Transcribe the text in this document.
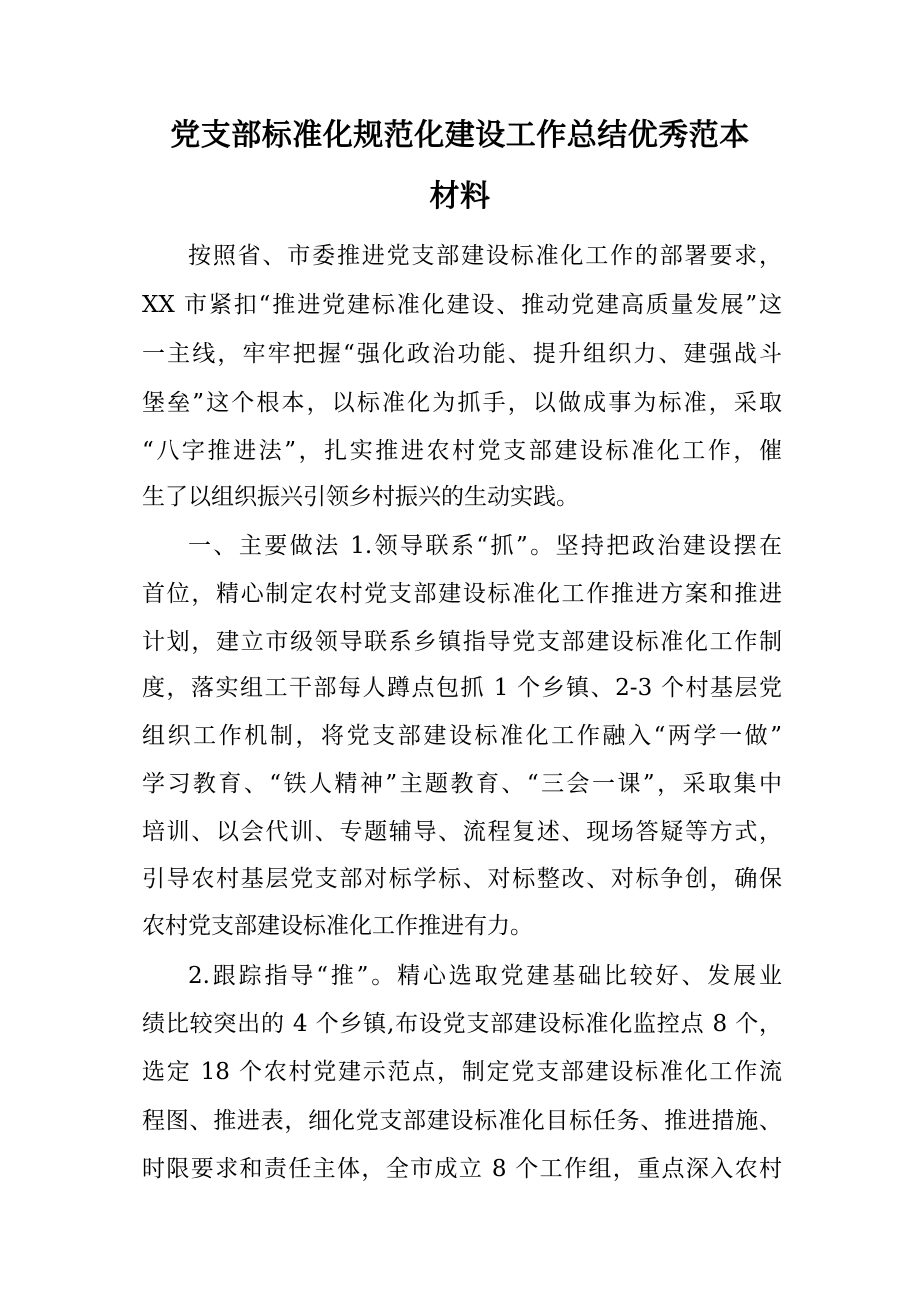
党支部标准化规范化建设工作总结优秀范本
材料
按照省、市委推进党支部建设标准化工作的部署要求，
XX 市紧扣“推进党建标准化建设、推动党建高质量发展”这
一主线，牢牢把握“强化政治功能、提升组织力、建强战斗
堡垒”这个根本，以标准化为抓手，以做成事为标准，采取
“八字推进法”，扎实推进农村党支部建设标准化工作，催
生了以组织振兴引领乡村振兴的生动实践。
一、主要做法 1.领导联系“抓”。坚持把政治建设摆在
首位，精心制定农村党支部建设标准化工作推进方案和推进
计划，建立市级领导联系乡镇指导党支部建设标准化工作制
度，落实组工干部每人蹲点包抓 1 个乡镇、2-3 个村基层党
组织工作机制，将党支部建设标准化工作融入“两学一做”
学习教育、“铁人精神”主题教育、“三会一课”，采取集中
培训、以会代训、专题辅导、流程复述、现场答疑等方式，
引导农村基层党支部对标学标、对标整改、对标争创，确保
农村党支部建设标准化工作推进有力。
2.跟踪指导“推”。精心选取党建基础比较好、发展业
绩比较突出的 4 个乡镇,布设党支部建设标准化监控点 8 个，
选定 18 个农村党建示范点，制定党支部建设标准化工作流
程图、推进表，细化党支部建设标准化目标任务、推进措施、
时限要求和责任主体，全市成立 8 个工作组，重点深入农村
